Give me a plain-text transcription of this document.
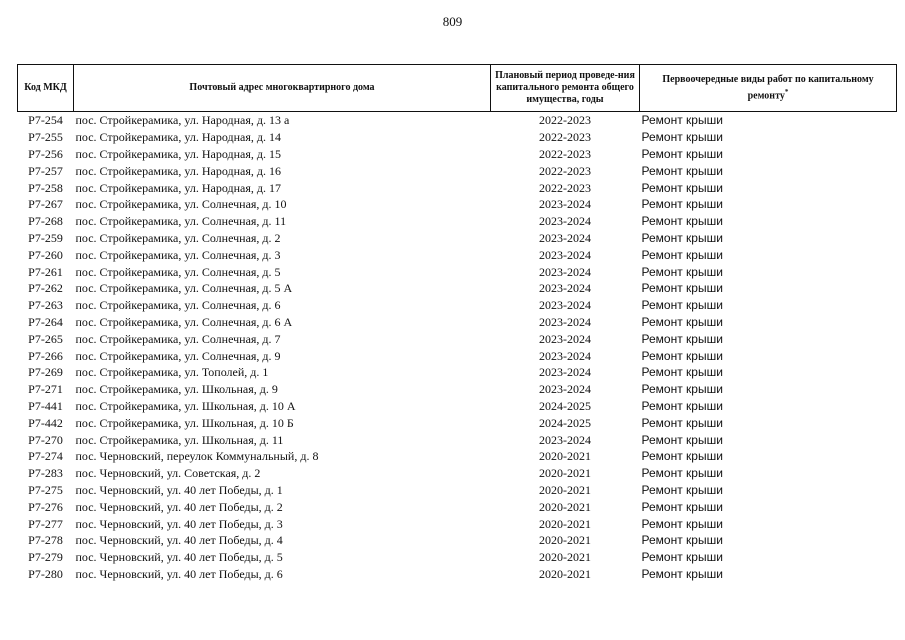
809
Код МКД	Почтовый адрес многоквартирного дома	Плановый период проведе-ния капитального ремонта общего имущества, годы	Первоочередные виды работ по капитальному ремонту*
Р7-254	пос. Стройкерамика, ул. Народная, д. 13 а	2022-2023	Ремонт крыши
Р7-255	пос. Стройкерамика, ул. Народная, д. 14	2022-2023	Ремонт крыши
Р7-256	пос. Стройкерамика, ул. Народная, д. 15	2022-2023	Ремонт крыши
Р7-257	пос. Стройкерамика, ул. Народная, д. 16	2022-2023	Ремонт крыши
Р7-258	пос. Стройкерамика, ул. Народная, д. 17	2022-2023	Ремонт крыши
Р7-267	пос. Стройкерамика, ул. Солнечная, д. 10	2023-2024	Ремонт крыши
Р7-268	пос. Стройкерамика, ул. Солнечная, д. 11	2023-2024	Ремонт крыши
Р7-259	пос. Стройкерамика, ул. Солнечная, д. 2	2023-2024	Ремонт крыши
Р7-260	пос. Стройкерамика, ул. Солнечная, д. 3	2023-2024	Ремонт крыши
Р7-261	пос. Стройкерамика, ул. Солнечная, д. 5	2023-2024	Ремонт крыши
Р7-262	пос. Стройкерамика, ул. Солнечная, д. 5 А	2023-2024	Ремонт крыши
Р7-263	пос. Стройкерамика, ул. Солнечная, д. 6	2023-2024	Ремонт крыши
Р7-264	пос. Стройкерамика, ул. Солнечная, д. 6 А	2023-2024	Ремонт крыши
Р7-265	пос. Стройкерамика, ул. Солнечная, д. 7	2023-2024	Ремонт крыши
Р7-266	пос. Стройкерамика, ул. Солнечная, д. 9	2023-2024	Ремонт крыши
Р7-269	пос. Стройкерамика, ул. Тополей, д. 1	2023-2024	Ремонт крыши
Р7-271	пос. Стройкерамика, ул. Школьная, д. 9	2023-2024	Ремонт крыши
Р7-441	пос. Стройкерамика, ул. Школьная, д. 10 А	2024-2025	Ремонт крыши
Р7-442	пос. Стройкерамика, ул. Школьная, д. 10 Б	2024-2025	Ремонт крыши
Р7-270	пос. Стройкерамика, ул. Школьная, д. 11	2023-2024	Ремонт крыши
Р7-274	пос. Черновский, переулок Коммунальный, д. 8	2020-2021	Ремонт крыши
Р7-283	пос. Черновский, ул. Советская, д. 2	2020-2021	Ремонт крыши
Р7-275	пос. Черновский, ул. 40 лет Победы, д. 1	2020-2021	Ремонт крыши
Р7-276	пос. Черновский, ул. 40 лет Победы, д. 2	2020-2021	Ремонт крыши
Р7-277	пос. Черновский, ул. 40 лет Победы, д. 3	2020-2021	Ремонт крыши
Р7-278	пос. Черновский, ул. 40 лет Победы, д. 4	2020-2021	Ремонт крыши
Р7-279	пос. Черновский, ул. 40 лет Победы, д. 5	2020-2021	Ремонт крыши
Р7-280	пос. Черновский, ул. 40 лет Победы, д. 6	2020-2021	Ремонт крыши
